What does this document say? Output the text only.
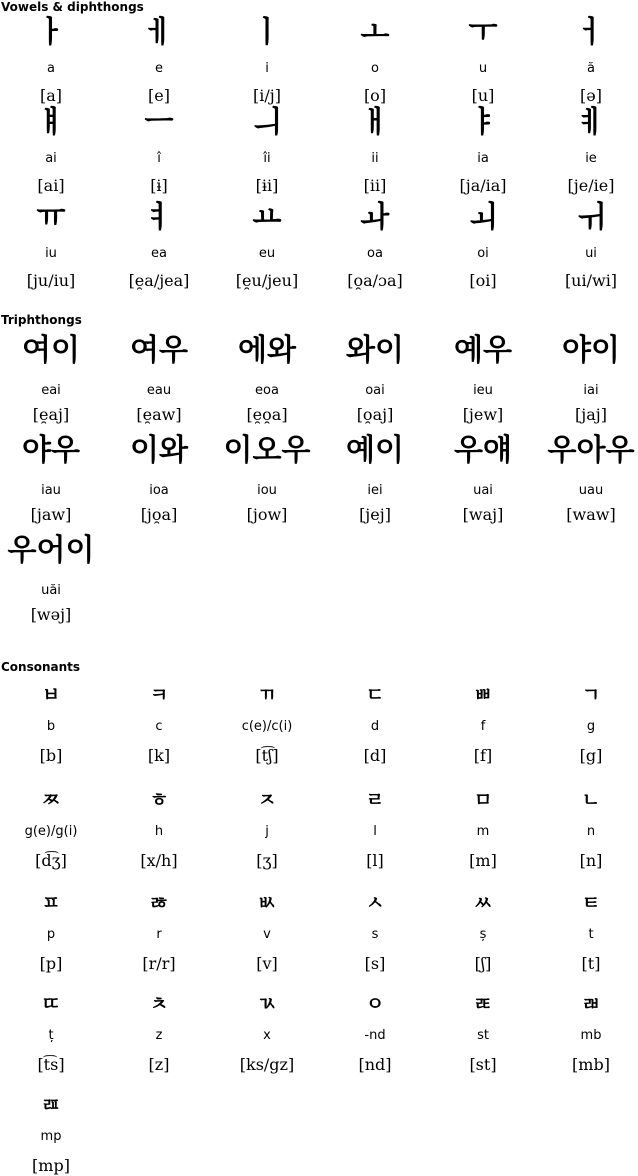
Vowels & diphthongs
ㅏ
a
[a]
ㅔ
e
[e]
ㅣ
i
[i/j]
ㅗ
o
[o]
ㅜ
u
[u]
ㅓ
ă
[ə]
ㅒ
ai
[ai]
ㅡ
î
[ɨ]
ㅢ
îi
[ɨi]
ㅐ
ii
[ii]
ㅑ
ia
[ja/ia]
ㅖ
ie
[je/ie]
ㅠ
iu
[ju/iu]
ㅕ
ea
[e̯a/jea]
ㅛ
eu
[e̯u/jeu]
ㅘ
oa
[o̯a/ɔa]
ㅚ
oi
[oi]
ㅟ
ui
[ui/wi]
Triphthongs
여이
eai
[e̯aj]
여우
eau
[e̯aw]
에와
eoa
[e̯o̯a]
와이
oai
[o̯aj]
예우
ieu
[jew]
야이
iai
[jaj]
야우
iau
[jaw]
이와
ioa
[jo̯a]
이오우
iou
[jow]
예이
iei
[jej]
우얘
uai
[waj]
우아우
uau
[waw]
우어이
uăi
[wəj]
Consonants
ㅂ
b
[b]
ㅋ
c
[k]
ㄲ
c(e)/c(i)
[t͡ʃ]
ㄷ
d
[d]
ㅃ
f
[f]
ㄱ
g
[g]
ㅉ
g(e)/g(i)
[d͡ʒ]
ㅎ
h
[x/h]
ㅈ
j
[ʒ]
ㄹ
l
[l]
ㅁ
m
[m]
ㄴ
n
[n]
ㅍ
p
[p]
ㅀ
r
[r/r]
ㅄ
v
[v]
ㅅ
s
[s]
ㅆ
ș
[ʃ]
ㅌ
t
[t]
ㄸ
ț
[t͡s]
ㅊ
z
[z]
ㄳ
x
[ks/gz]
ㅇ
-nd
[nd]
ㄾ
st
[st]
ㄼ
mb
[mb]
ㄿ
mp
[mp]
